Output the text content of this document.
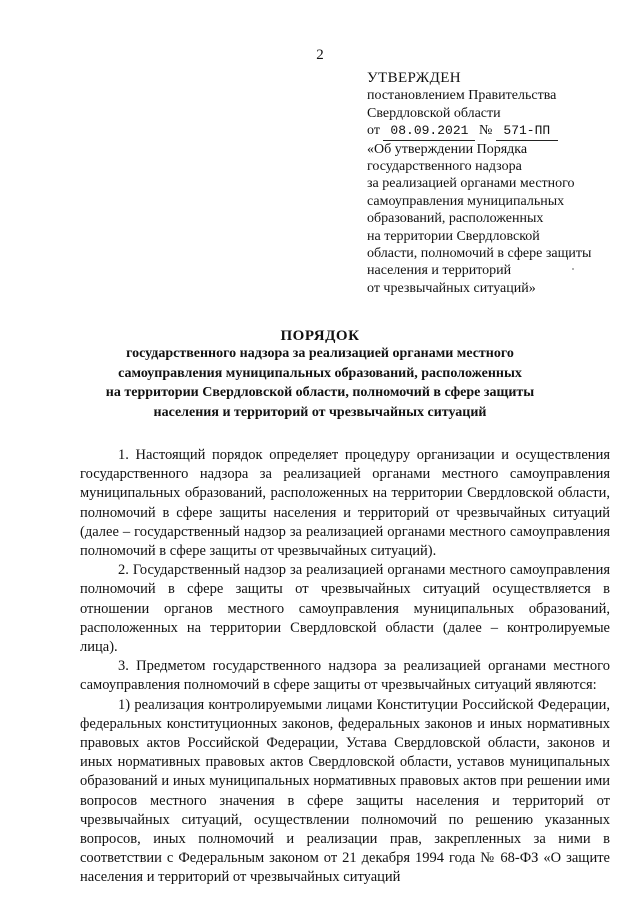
2
УТВЕРЖДЕН
постановлением Правительства
Свердловской области
от 08.09.2021 № 571-ПП
«Об утверждении Порядка
государственного надзора
за реализацией органами местного
самоуправления муниципальных
образований, расположенных
на территории Свердловской
области, полномочий в сфере защиты
населения и территорий
от чрезвычайных ситуаций»
ПОРЯДОК
государственного надзора за реализацией органами местного
самоуправления муниципальных образований, расположенных
на территории Свердловской области, полномочий в сфере защиты
населения и территорий от чрезвычайных ситуаций

1. Настоящий порядок определяет процедуру организации и осуществления государственного надзора за реализацией органами местного самоуправления муниципальных образований, расположенных на территории Свердловской области, полномочий в сфере защиты населения и территорий от чрезвычайных ситуаций (далее – государственный надзор за реализацией органами местного самоуправления полномочий в сфере защиты от чрезвычайных ситуаций).

2. Государственный надзор за реализацией органами местного самоуправления полномочий в сфере защиты от чрезвычайных ситуаций осуществляется в отношении органов местного самоуправления муниципальных образований, расположенных на территории Свердловской области (далее – контролируемые лица).

3. Предметом государственного надзора за реализацией органами местного самоуправления полномочий в сфере защиты от чрезвычайных ситуаций являются:

1) реализация контролируемыми лицами Конституции Российской Федерации, федеральных конституционных законов, федеральных законов и иных нормативных правовых актов Российской Федерации, Устава Свердловской области, законов и иных нормативных правовых актов Свердловской области, уставов муниципальных образований и иных муниципальных нормативных правовых актов при решении ими вопросов местного значения в сфере защиты населения и территорий от чрезвычайных ситуаций, осуществлении полномочий по решению указанных вопросов, иных полномочий и реализации прав, закрепленных за ними в соответствии с Федеральным законом от 21 декабря 1994 года № 68-ФЗ «О защите населения и территорий от чрезвычайных ситуаций
